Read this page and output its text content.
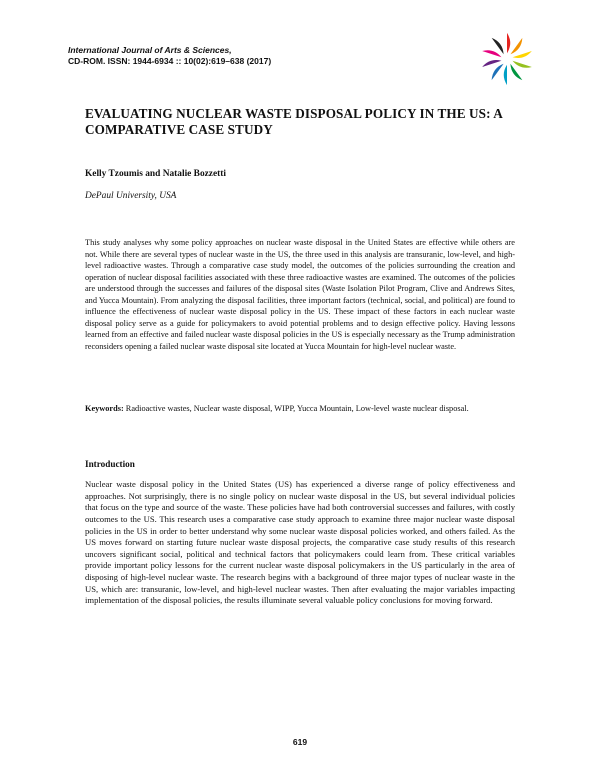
International Journal of Arts & Sciences,
CD-ROM. ISSN: 1944-6934 :: 10(02):619–638 (2017)
EVALUATING NUCLEAR WASTE DISPOSAL POLICY IN THE US: A COMPARATIVE CASE STUDY
Kelly Tzoumis and Natalie Bozzetti
DePaul University, USA

This study analyses why some policy approaches on nuclear waste disposal in the United States are effective while others are not. While there are several types of nuclear waste in the US, the three used in this analysis are transuranic, low-level, and high-level radioactive wastes. Through a comparative case study model, the outcomes of the policies surrounding the creation and operation of nuclear disposal facilities associated with these three radioactive wastes are examined. The outcomes of the policies are understood through the successes and failures of the disposal sites (Waste Isolation Pilot Program, Clive and Andrews Sites, and Yucca Mountain). From analyzing the disposal facilities, three important factors (technical, social, and political) are found to influence the effectiveness of nuclear waste disposal policy in the US. These impact of these factors in each nuclear waste disposal policy serve as a guide for policymakers to avoid potential problems and to design effective policy. Having lessons learned from an effective and failed nuclear waste disposal policies in the US is especially necessary as the Trump administration reconsiders opening a failed nuclear waste disposal site located at Yucca Mountain for high-level nuclear waste.

Keywords: Radioactive wastes, Nuclear waste disposal, WIPP, Yucca Mountain, Low-level waste nuclear disposal.

Introduction

Nuclear waste disposal policy in the United States (US) has experienced a diverse range of policy effectiveness and approaches. Not surprisingly, there is no single policy on nuclear waste disposal in the US, but several individual policies that focus on the type and source of the waste. These policies have had both controversial successes and failures, with costly outcomes to the US. This research uses a comparative case study approach to examine three major nuclear waste disposal policies in the US in order to better understand why some nuclear waste disposal policies worked, and others failed. As the US moves forward on starting future nuclear waste disposal projects, the comparative case study results of this research uncovers significant social, political and technical factors that policymakers could learn from. These critical variables provide important policy lessons for the current nuclear waste disposal policymakers in the US particularly in the area of disposing of high-level nuclear waste. The research begins with a background of three major types of nuclear waste in the US, which are: transuranic, low-level, and high-level nuclear wastes. Then after evaluating the major variables impacting implementation of the disposal policies, the results illuminate several valuable policy conclusions for moving forward.

619
